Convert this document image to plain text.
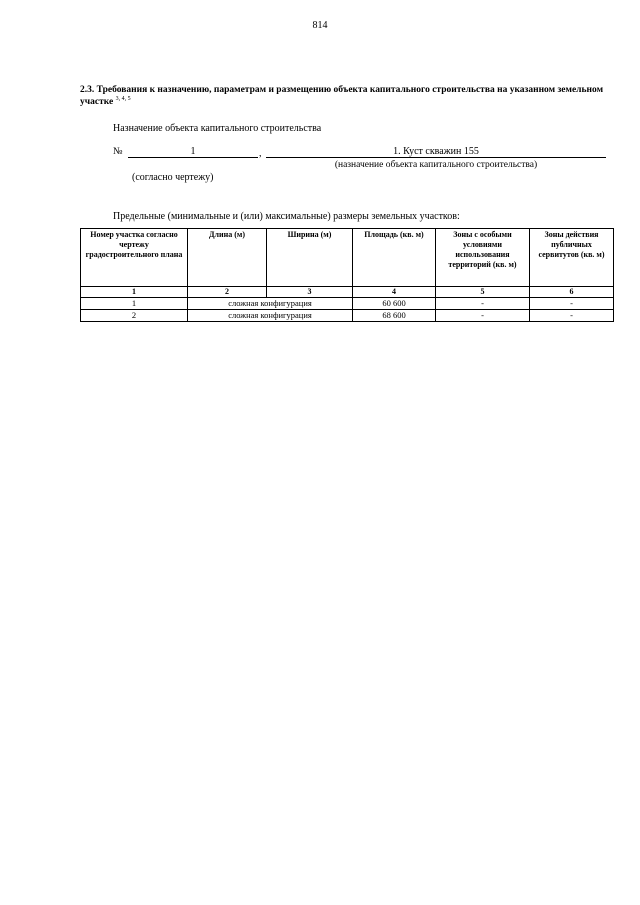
814
2.3. Требования к назначению, параметрам и размещению объекта капитального строительства на указанном земельном участке $^{3, 4, 5}$
Назначение объекта капитального строительства
№	1	,	1. Куст скважин 155
(назначение объекта капитального строительства)
(согласно чертежу)
Предельные (минимальные и (или) максимальные) размеры земельных участков:
Номер участка согласно чертежу градостроительного плана	Длина (м)	Ширина (м)	Площадь (кв. м)	Зоны с особыми условиями использования территорий (кв. м)	Зоны действия публичных сервитутов (кв. м)
1	2	3	4	5	6
1	сложная конфигурация		60 600	-	-
2	сложная конфигурация		68 600	-	-
